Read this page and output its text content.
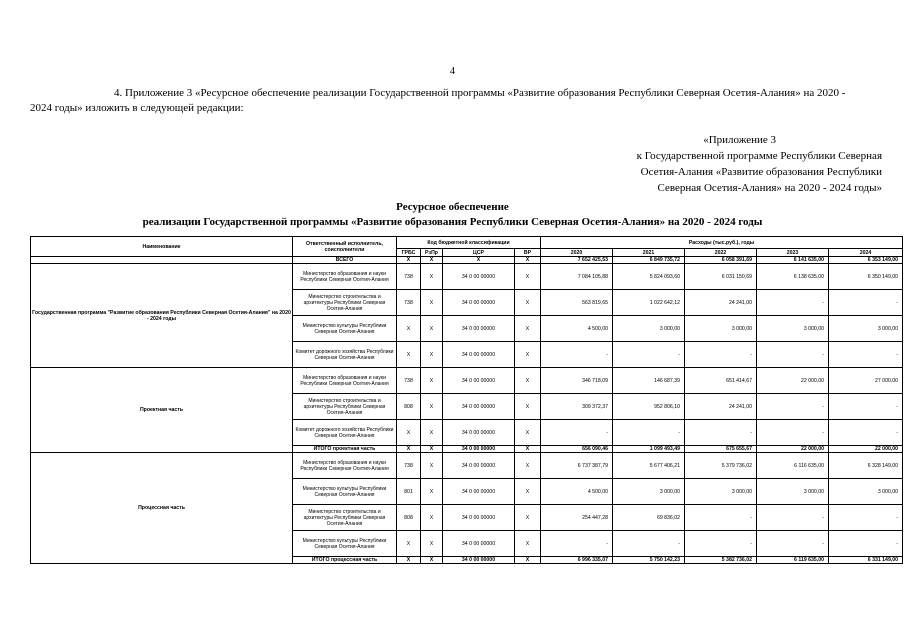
4
4. Приложение 3 «Ресурсное обеспечение реализации Государственной программы «Развитие образования Республики Северная Осетия-Алания» на 2020 - 2024 годы» изложить в следующей редакции:
«Приложение 3
к Государственной программе Республики Северная
Осетия-Алания «Развитие образования Республики
Северная Осетия-Алания» на 2020 - 2024 годы»
Ресурсное обеспечение
реализации Государственной программы «Развитие образования Республики Северная Осетия-Алания» на 2020 - 2024 годы
Наименование	Ответственный исполнитель, соисполнители	Код бюджетной классификации				Расходы (тыс.руб.), годы				
		ГРБС	РзПр	ЦСР	ВР	2020	2021	2022	2023	2024
	ВСЕГО	Х	Х	Х	Х	7 652 425,53	6 849 735,72	6 058 391,69	6 141 635,00	6 353 149,00
Государственная программа "Развитие образования Республики Северная Осетия-Алания" на 2020 - 2024 годы	Министерство образования и науки Республики Северная Осетия-Алания	738	Х	34 0 00 00000	Х	7 084 105,88	5 824 093,60	6 031 150,69	6 138 635,00	6 350 149,00
	Министерство строительства и архитектуры Республики Северная Осетия-Алания	738	Х	34 0 00 00000	Х	563 819,65	1 022 642,12	24 241,00	-	-
	Министерство культуры Республики Северная Осетия-Алания	Х	Х	34 0 00 00000	Х	4 500,00	3 000,00	3 000,00	3 000,00	3 000,00
	Комитет дорожного хозяйства Республики Северная Осетия-Алания	Х	Х	34 0 00 00000	Х	-	-	-	-	-
Проектная часть	Министерство образования и науки Республики Северная Осетия-Алания	738	Х	34 0 00 00000	Х	346 718,09	146 687,39	651 414,67	22 000,00	27 000,00
	Министерство строительства и архитектуры Республики Северная Осетия-Алания	808	Х	34 0 00 00000	Х	309 372,37	952 806,10	24 241,00	-	-
	Комитет дорожного хозяйства Республики Северная Осетия-Алания	Х	Х	34 0 00 00000	Х	-	-	-	-	-
	ИТОГО проектная часть	Х	Х	34 0 00 00000	Х	656 090,46	1 099 493,49	675 655,67	22 000,00	22 000,00
Процессная часть	Министерство образования и науки Республики Северная Осетия-Алания	738	Х	34 0 00 00000	Х	6 737 387,79	5 677 406,21	5 379 736,02	6 116 635,00	6 328 149,00
	Министерство культуры Республики Северная Осетия-Алания	801	Х	34 0 00 00000	Х	4 500,00	3 000,00	3 000,00	3 000,00	3 000,00
	Министерство строительства и архитектуры Республики Северная Осетия-Алания	808	Х	34 0 00 00000	Х	254 447,28	69 836,02	-	-	-
	Министерство культуры Республики Северная Осетия-Алания	Х	Х	34 0 00 00000	Х	-	-	-	-	-
	ИТОГО процессная часть	Х	Х	34 0 00 00000	Х	6 996 335,07	5 750 142,23	5 382 736,02	6 119 635,00	6 331 149,00
